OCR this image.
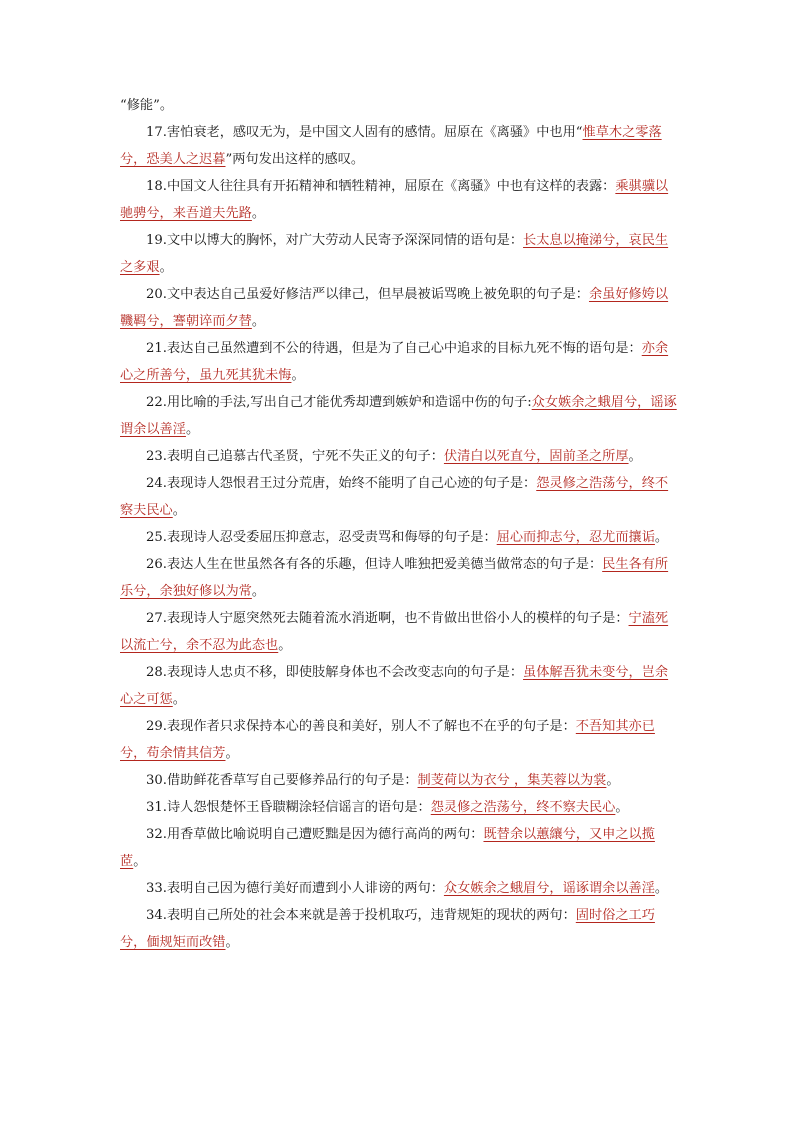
“修能”。

17.害怕衰老，感叹无为，是中国文人固有的感情。屈原在《离骚》中也用“惟草木之零落兮，恐美人之迟暮”两句发出这样的感叹。

18.中国文人往往具有开拓精神和牺牲精神，屈原在《离骚》中也有这样的表露：乘骐骥以驰骋兮，来吾道夫先路。

19.文中以博大的胸怀，对广大劳动人民寄予深深同情的语句是：长太息以掩涕兮，哀民生之多艰。

20.文中表达自己虽爱好修洁严以律己，但早晨被诟骂晚上被免职的句子是：余虽好修姱以鞿羁兮，謇朝谇而夕替。

21.表达自己虽然遭到不公的待遇，但是为了自己心中追求的目标九死不悔的语句是：亦余心之所善兮，虽九死其犹未悔。

22.用比喻的手法,写出自己才能优秀却遭到嫉妒和造谣中伤的句子:众女嫉余之蛾眉兮，谣诼谓余以善淫。

23.表明自己追慕古代圣贤，宁死不失正义的句子：伏清白以死直兮，固前圣之所厚。

24.表现诗人怨恨君王过分荒唐，始终不能明了自己心迹的句子是：怨灵修之浩荡兮，终不察夫民心。

25.表现诗人忍受委屈压抑意志，忍受责骂和侮辱的句子是：屈心而抑志兮，忍尤而攘诟。

26.表达人生在世虽然各有各的乐趣，但诗人唯独把爱美德当做常态的句子是：民生各有所乐兮，余独好修以为常。

27.表现诗人宁愿突然死去随着流水消逝啊，也不肯做出世俗小人的模样的句子是：宁溘死以流亡兮，余不忍为此态也。

28.表现诗人忠贞不移，即使肢解身体也不会改变志向的句子是：虽体解吾犹未变兮，岂余心之可惩。

29.表现作者只求保持本心的善良和美好，别人不了解也不在乎的句子是：不吾知其亦已兮，苟余情其信芳。

30.借助鲜花香草写自己要修养品行的句子是：制芰荷以为衣兮 ，集芙蓉以为裳。

31.诗人怨恨楚怀王昏聩糊涂轻信谣言的语句是：怨灵修之浩荡兮，终不察夫民心。

32.用香草做比喻说明自己遭贬黜是因为德行高尚的两句：既替余以蕙纕兮，又申之以揽茝。

33.表明自己因为德行美好而遭到小人诽谤的两句：众女嫉余之蛾眉兮，谣诼谓余以善淫。

34.表明自己所处的社会本来就是善于投机取巧，违背规矩的现状的两句：固时俗之工巧兮，偭规矩而改错。
